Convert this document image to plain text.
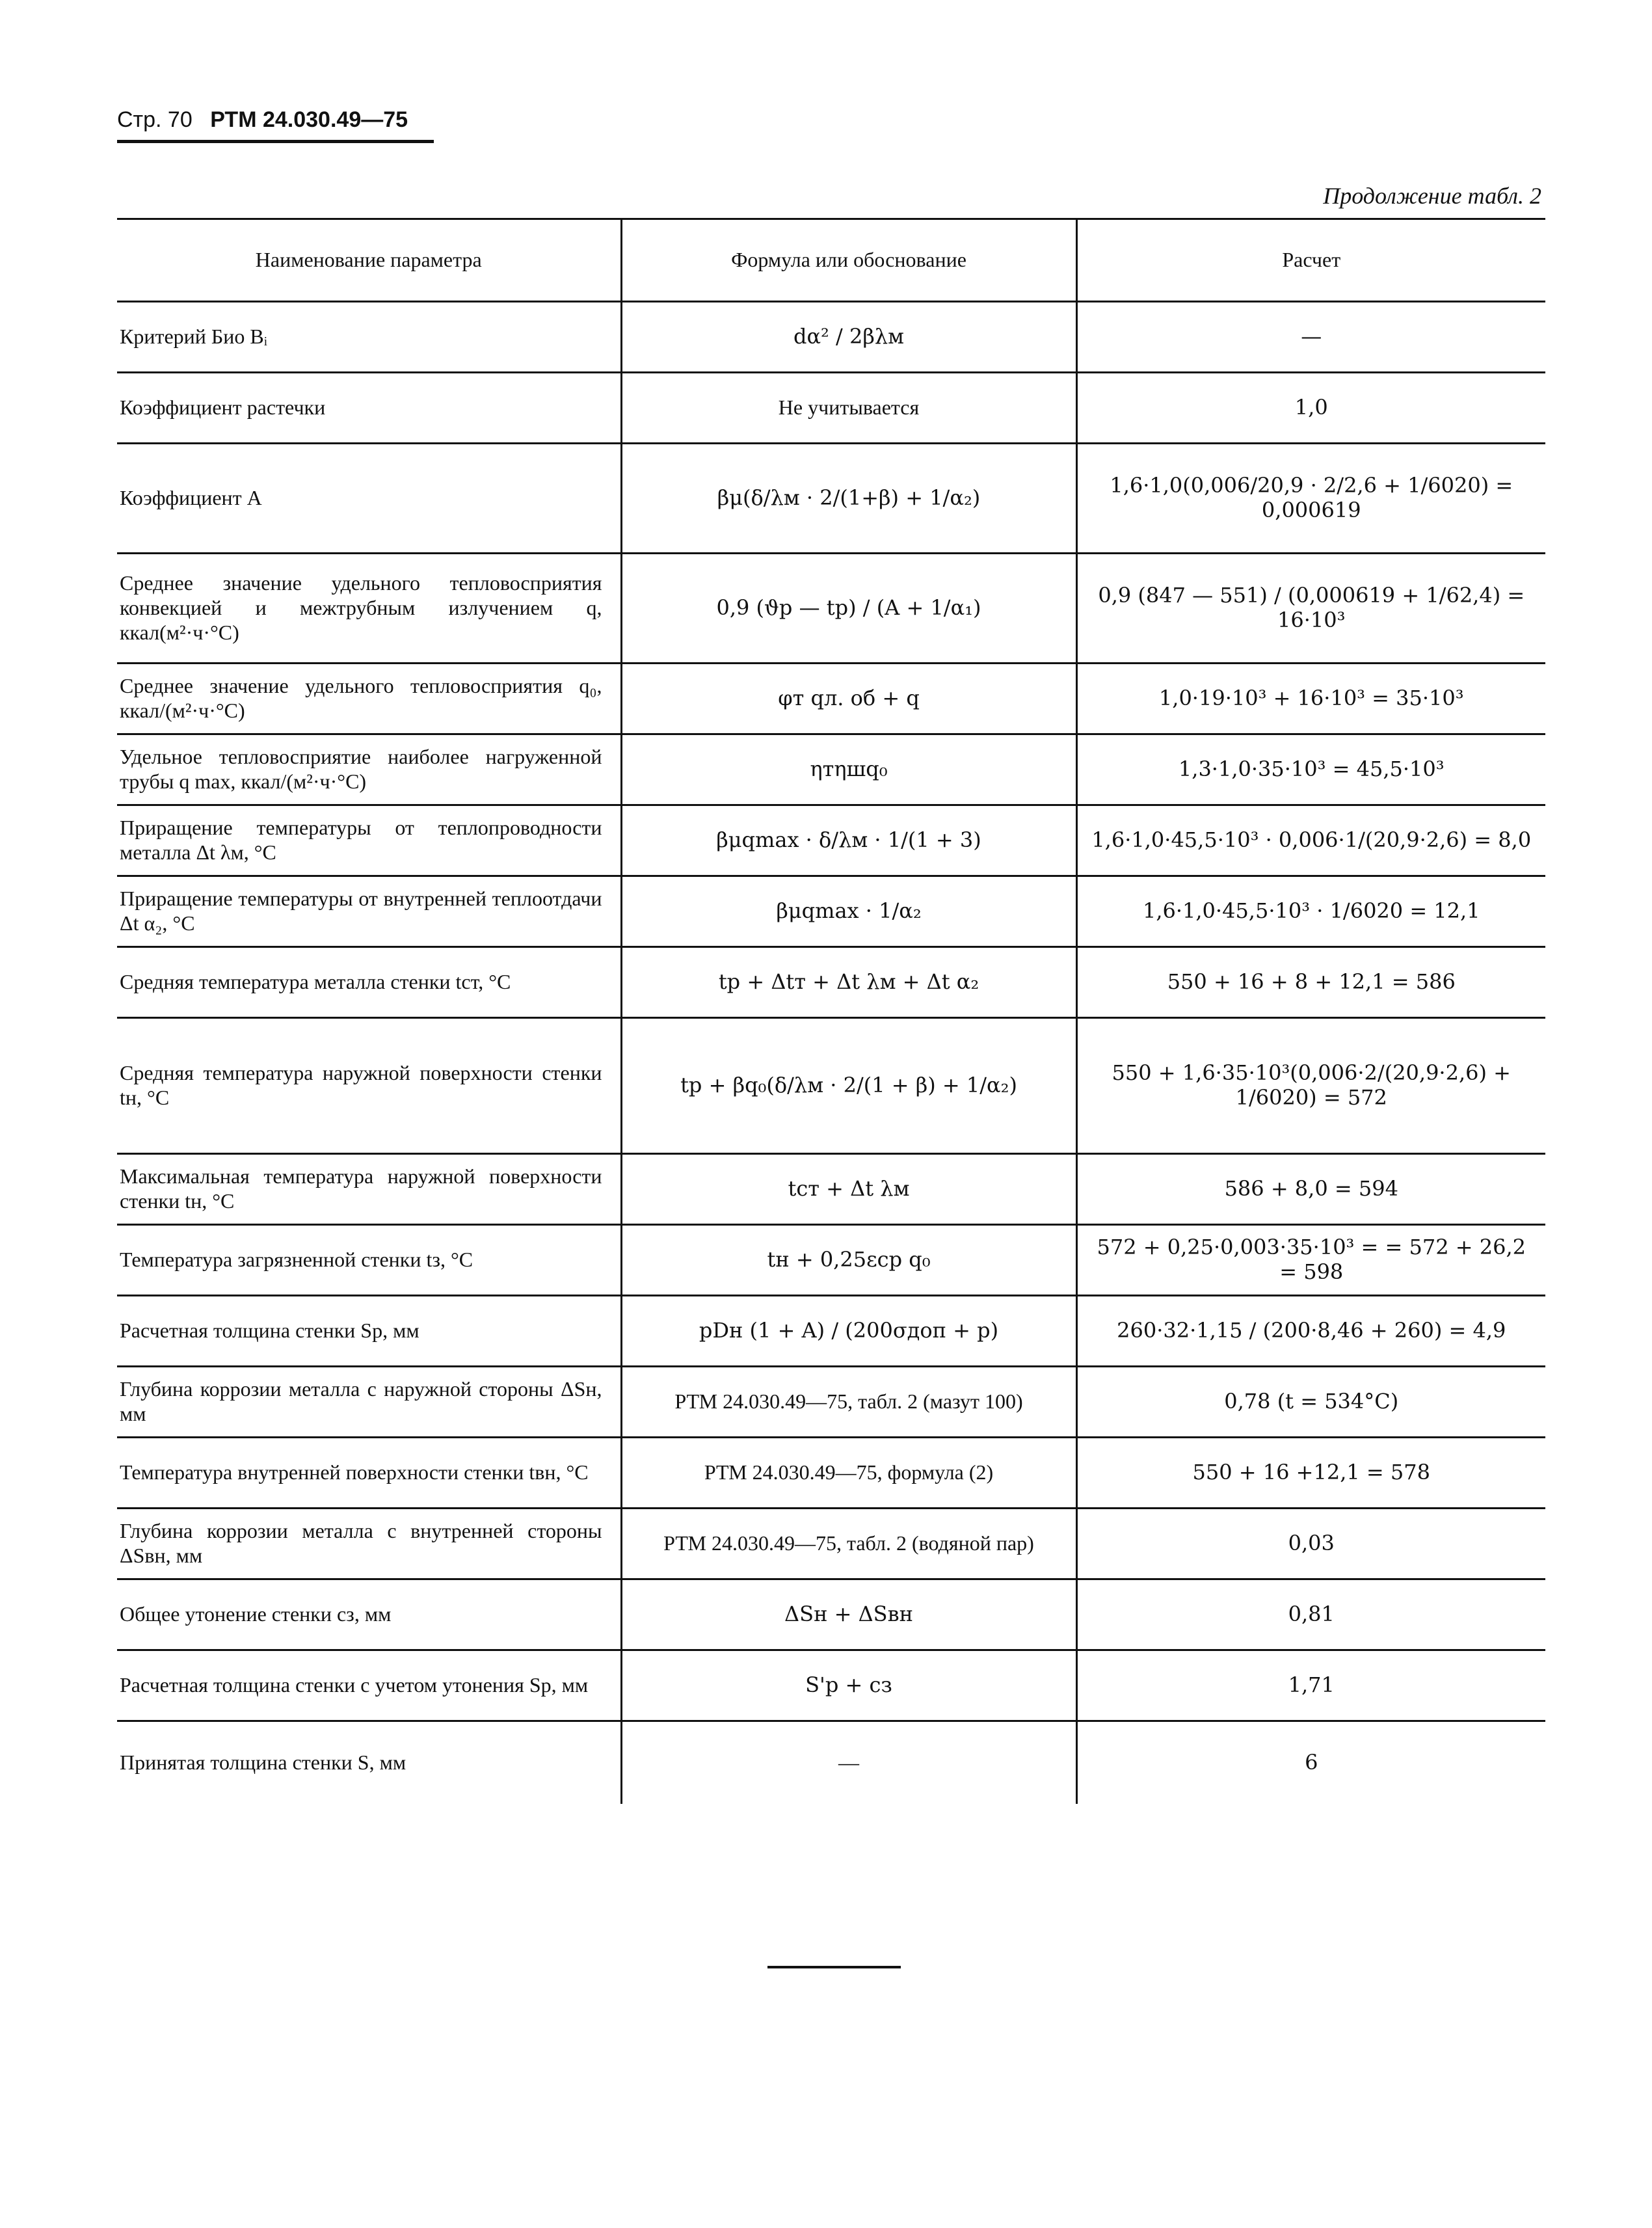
Стр. 70 РТМ 24.030.49—75
Продолжение табл. 2
Наименование параметра	Формула или обоснование	Расчет
Критерий Био Bᵢ	dα² / 2βλм	—
Коэффициент растечки	Не учитывается	1,0
Коэффициент A	βμ(δ/λм · 2/(1+β) + 1/α₂)	1,6·1,0(0,006/20,9 · 2/2,6 + 1/6020) = 0,000619
Среднее значение удельного тепловосприятия конвекцией и межтрубным излучением q, ккал(м²·ч·°С)	0,9 (ϑр — tр) / (A + 1/α₁)	0,9 (847 — 551) / (0,000619 + 1/62,4) = 16·10³
Среднее значение удельного тепловосприятия q₀, ккал/(м²·ч·°С)	φт qл. об + q	1,0·19·10³ + 16·10³ = 35·10³
Удельное тепловосприятие наиболее нагруженной трубы q max, ккал/(м²·ч·°С)	ηтηшq₀	1,3·1,0·35·10³ = 45,5·10³
Приращение температуры от теплопроводности металла Δt λм, °С	βμqmax · δ/λм · 1/(1 + 3)	1,6·1,0·45,5·10³ · 0,006·1/(20,9·2,6) = 8,0
Приращение температуры от внутренней теплоотдачи Δt α₂, °С	βμqmax · 1/α₂	1,6·1,0·45,5·10³ · 1/6020 = 12,1
Средняя температура металла стенки tст, °С	tр + Δtт + Δt λм + Δt α₂	550 + 16 + 8 + 12,1 = 586
Средняя температура наружной поверхности стенки tн, °С	tр + βq₀(δ/λм · 2/(1 + β) + 1/α₂)	550 + 1,6·35·10³(0,006·2/(20,9·2,6) + 1/6020) = 572
Максимальная температура наружной поверхности стенки tн, °С	tст + Δt λм	586 + 8,0 = 594
Температура загрязненной стенки tз, °С	tн + 0,25εср q₀	572 + 0,25·0,003·35·10³ = = 572 + 26,2 = 598
Расчетная толщина стенки Sр, мм	pDн (1 + A) / (200σдоп + p)	260·32·1,15 / (200·8,46 + 260) = 4,9
Глубина коррозии металла с наружной стороны ΔSн, мм	РТМ 24.030.49—75, табл. 2 (мазут 100)	0,78 (t = 534°С)
Температура внутренней поверхности стенки tвн, °С	РТМ 24.030.49—75, формула (2)	550 + 16 +12,1 = 578
Глубина коррозии металла с внутренней стороны ΔSвн, мм	РТМ 24.030.49—75, табл. 2 (водяной пар)	0,03
Общее утонение стенки cз, мм	ΔSн + ΔSвн	0,81
Расчетная толщина стенки с учетом утонения Sр, мм	S'р + cз	1,71
Принятая толщина стенки S, мм	—	6
